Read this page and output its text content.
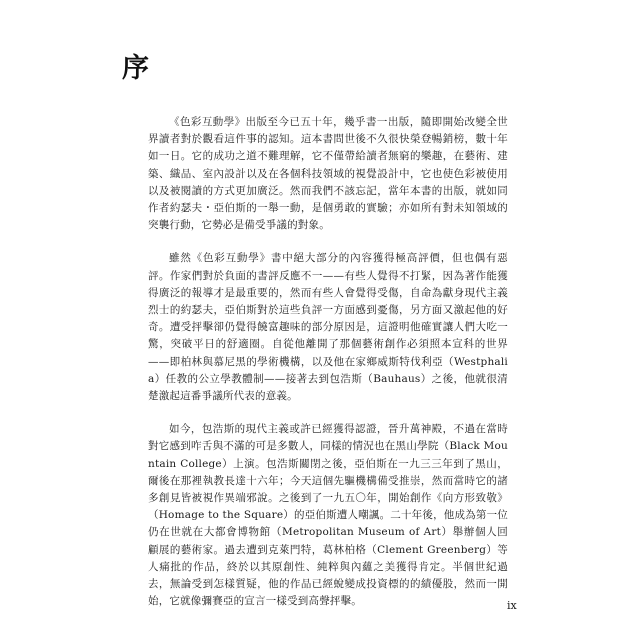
序

《色彩互動學》出版至今已五十年，幾乎書一出版，隨即開始改變全世界讀者對於觀看這件事的認知。這本書問世後不久很快榮登暢銷榜，數十年如一日。它的成功之道不難理解，它不僅帶給讀者無窮的樂趣，在藝術、建築、織品、室內設計以及在各個科技領域的視覺設計中，它也使色彩被使用以及被閱讀的方式更加廣泛。然而我們不該忘記，當年本書的出版，就如同作者約瑟夫・亞伯斯的一舉一動，是個勇敢的實驗；亦如所有對未知領域的突襲行動，它勢必是備受爭議的對象。

雖然《色彩互動學》書中絕大部分的內容獲得極高評價，但也偶有惡評。作家們對於負面的書評反應不一——有些人覺得不打緊，因為著作能獲得廣泛的報導才是最重要的，然而有些人會覺得受傷，自命為獻身現代主義烈士的約瑟夫，亞伯斯對於這些負評一方面感到憂傷，另方面又激起他的好奇。遭受抨擊卻仍覺得饒富趣味的部分原因是，這證明他確實讓人們大吃一驚，突破平日的舒適圈。自從他離開了那個藝術創作必須照本宣科的世界——即柏林與慕尼黑的學術機構，以及他在家鄉威斯特伐利亞（Westphalia）任教的公立學教體制——接著去到包浩斯（Bauhaus）之後，他就很清楚激起這番爭議所代表的意義。

如今，包浩斯的現代主義或許已經獲得認證，晉升萬神殿，不過在當時對它感到咋舌與不滿的可是多數人，同樣的情況也在黑山學院（Black Mountain College）上演。包浩斯關閉之後，亞伯斯在一九三三年到了黑山，爾後在那裡執教長達十六年；今天這個先驅機構備受推崇，然而當時它的諸多創見皆被視作異端邪說。之後到了一九五〇年，開始創作《向方形致敬》（Homage to the Square）的亞伯斯遭人嘲諷。二十年後，他成為第一位仍在世就在大都會博物館（Metropolitan Museum of Art）舉辦個人回顧展的藝術家。過去遭到克萊門特，葛林柏格（Clement Greenberg）等人痛批的作品，終於以其原創性、純粹與內蘊之美獲得肯定。半個世紀過去，無論受到怎樣質疑，他的作品已經蛻變成投資標的的績優股，然而一開始，它就像彌賽亞的宣言一樣受到高聲抨擊。	ix
